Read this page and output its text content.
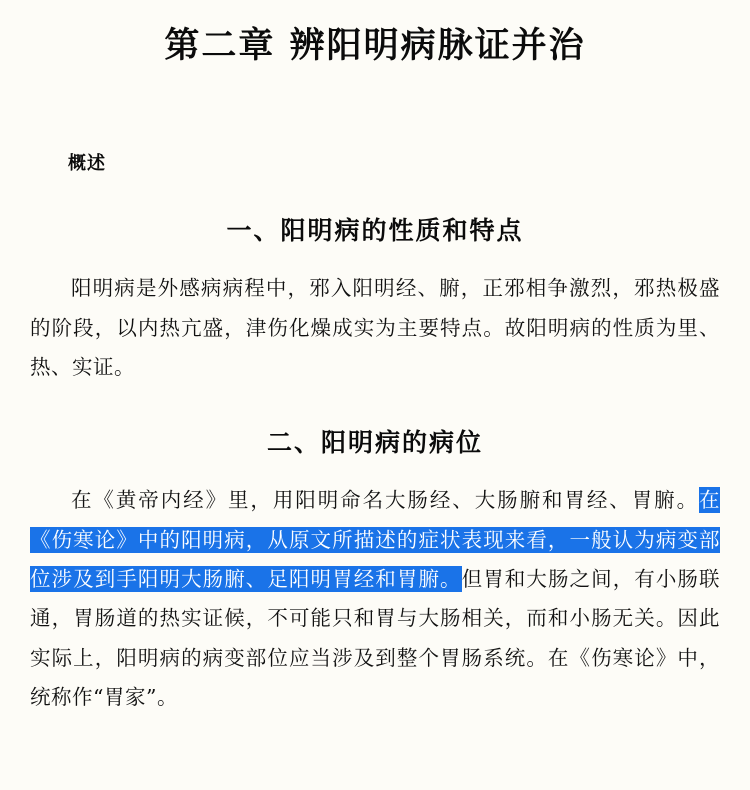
第二章 辨阳明病脉证并治
概述
一、阳明病的性质和特点

阳明病是外感病病程中，邪入阳明经、腑，正邪相争激烈，邪热极盛的阶段，以内热亢盛，津伤化燥成实为主要特点。故阳明病的性质为里、热、实证。

二、阳明病的病位

在《黄帝内经》里，用阳明命名大肠经、大肠腑和胃经、胃腑。在《伤寒论》中的阳明病，从原文所描述的症状表现来看，一般认为病变部位涉及到手阳明大肠腑、足阳明胃经和胃腑。但胃和大肠之间，有小肠联通，胃肠道的热实证候，不可能只和胃与大肠相关，而和小肠无关。因此实际上，阳明病的病变部位应当涉及到整个胃肠系统。在《伤寒论》中，统称作“胃家”。
